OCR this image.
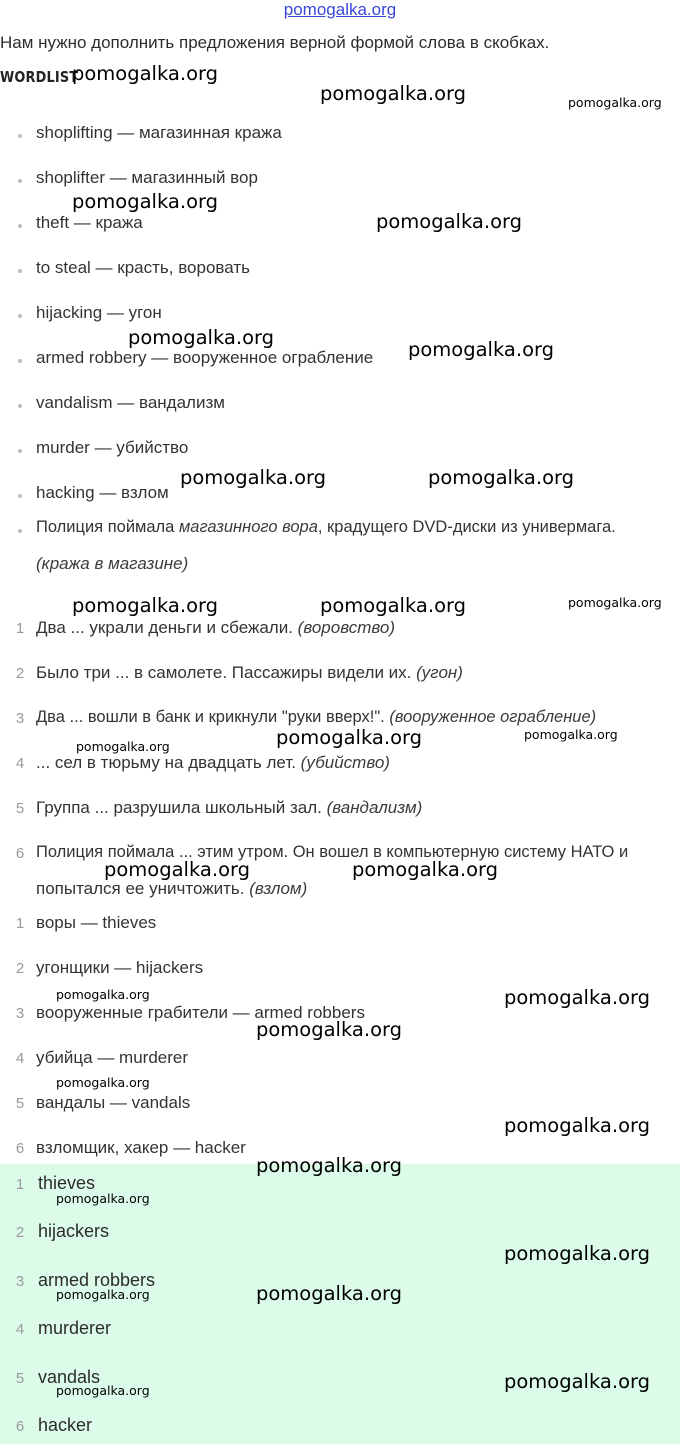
pomogalka.org
Нам нужно дополнить предложения верной формой слова в скобках.
WORDLIST
shoplifting — магазинная кража
shoplifter — магазинный вор
theft — кража
to steal — красть, воровать
hijacking — угон
armed robbery — вооруженное ограбление
vandalism — вандализм
murder — убийство
hacking — взлом
Полиция поймала магазинного вора, крадущего DVD-диски из универмага.
(кража в магазине)
1 Два ... украли деньги и сбежали. (воровство)
2 Было три ... в самолете. Пассажиры видели их. (угон)
3 Два ... вошли в банк и крикнули "руки вверх!". (вооруженное ограбление)
4 ... сел в тюрьму на двадцать лет. (убийство)
5 Группа ... разрушила школьный зал. (вандализм)
6 Полиция поймала ... этим утром. Он вошел в компьютерную систему НАТО и
попытался ее уничтожить. (взлом)
1 воры — thieves
2 угонщики — hijackers
3 вооруженные грабители — armed robbers
4 убийца — murderer
5 вандалы — vandals
6 взломщик, хакер — hacker
1 thieves
2 hijackers
3 armed robbers
4 murderer
5 vandals
6 hacker
pomogalka.org
pomogalka.org	pomogalka.org
pomogalka.org
pomogalka.org
pomogalka.org
pomogalka.org
pomogalka.org	pomogalka.org
pomogalka.org	pomogalka.org	pomogalka.org
pomogalka.org	pomogalka.org	pomogalka.org
pomogalka.org	pomogalka.org
pomogalka.org	pomogalka.org
pomogalka.org
pomogalka.org
pomogalka.org
pomogalka.org
pomogalka.org
pomogalka.org
pomogalka.org	pomogalka.org
pomogalka.org
pomogalka.org
